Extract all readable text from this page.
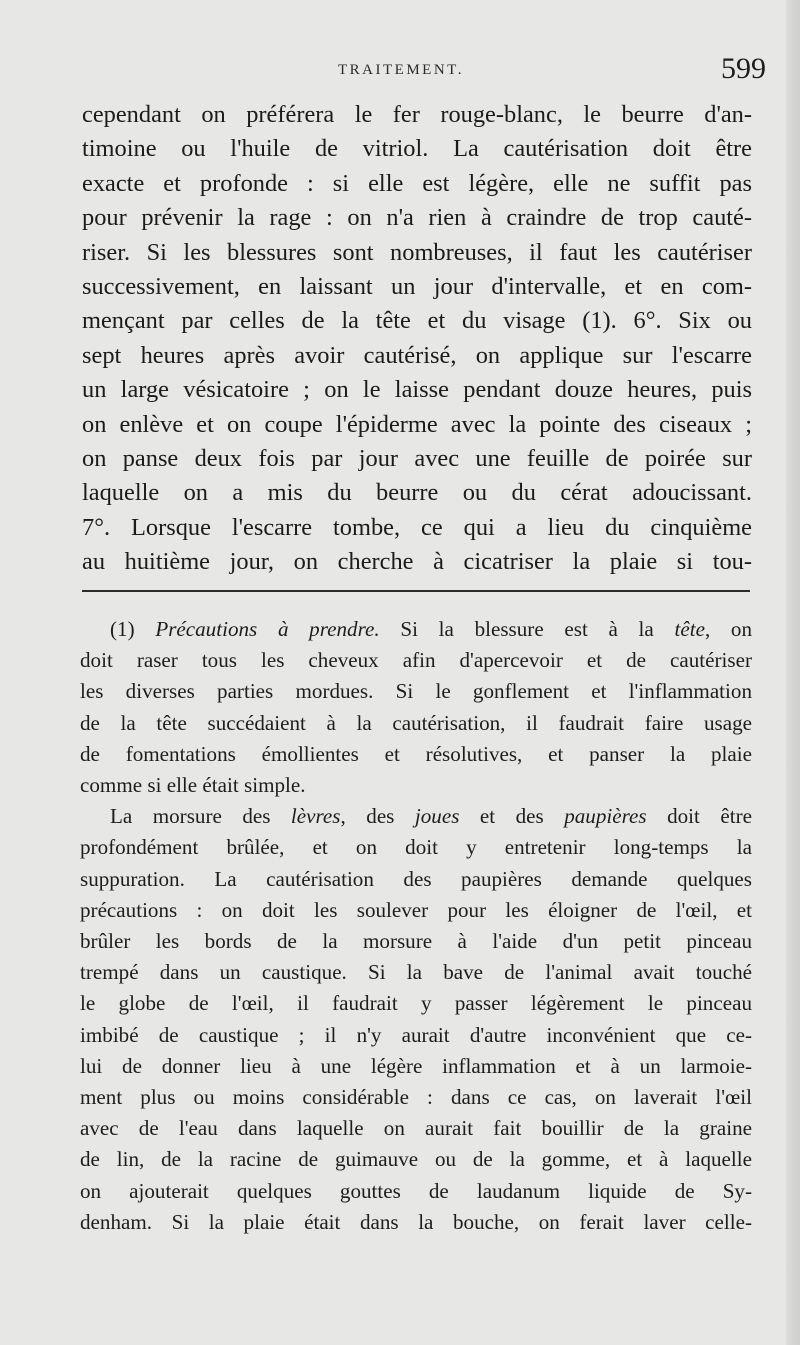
TRAITEMENT.	599
cependant on préférera le fer rouge-blanc, le beurre d'an-
timoine ou l'huile de vitriol. La cautérisation doit être
exacte et profonde : si elle est légère, elle ne suffit pas
pour prévenir la rage : on n'a rien à craindre de trop cauté-
riser. Si les blessures sont nombreuses, il faut les cautériser
successivement, en laissant un jour d'intervalle, et en com-
mençant par celles de la tête et du visage (1). 6°. Six ou
sept heures après avoir cautérisé, on applique sur l'escarre
un large vésicatoire ; on le laisse pendant douze heures, puis
on enlève et on coupe l'épiderme avec la pointe des ciseaux ;
on panse deux fois par jour avec une feuille de poirée sur
laquelle on a mis du beurre ou du cérat adoucissant.
7°. Lorsque l'escarre tombe, ce qui a lieu du cinquième
au huitième jour, on cherche à cicatriser la plaie si tou-
(1) Précautions à prendre. Si la blessure est à la tête, on
doit raser tous les cheveux afin d'apercevoir et de cautériser
les diverses parties mordues. Si le gonflement et l'inflammation
de la tête succédaient à la cautérisation, il faudrait faire usage
de fomentations émollientes et résolutives, et panser la plaie
comme si elle était simple.
La morsure des lèvres, des joues et des paupières doit être
profondément brûlée, et on doit y entretenir long-temps la
suppuration. La cautérisation des paupières demande quelques
précautions : on doit les soulever pour les éloigner de l'œil, et
brûler les bords de la morsure à l'aide d'un petit pinceau
trempé dans un caustique. Si la bave de l'animal avait touché
le globe de l'œil, il faudrait y passer légèrement le pinceau
imbibé de caustique ; il n'y aurait d'autre inconvénient que ce-
lui de donner lieu à une légère inflammation et à un larmoie-
ment plus ou moins considérable : dans ce cas, on laverait l'œil
avec de l'eau dans laquelle on aurait fait bouillir de la graine
de lin, de la racine de guimauve ou de la gomme, et à laquelle
on ajouterait quelques gouttes de laudanum liquide de Sy-
denham. Si la plaie était dans la bouche, on ferait laver celle-
